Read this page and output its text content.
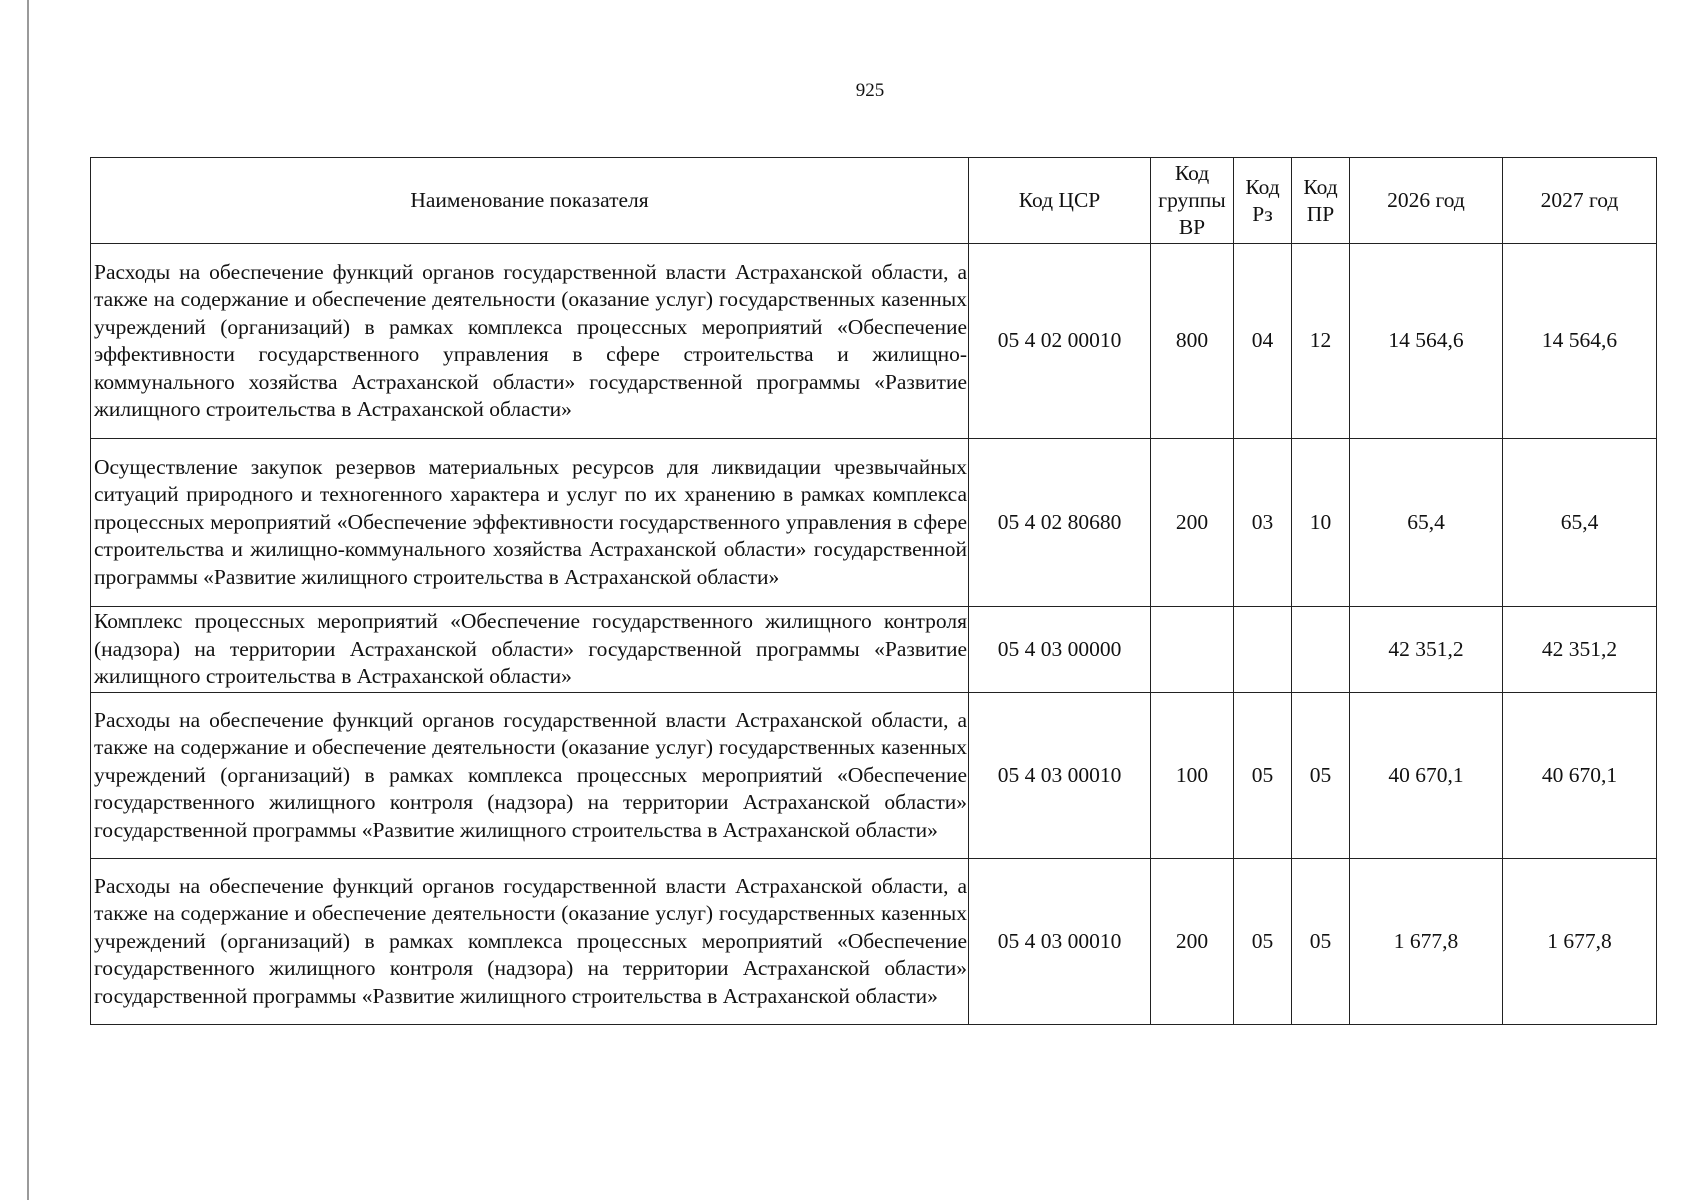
925
Наименование показателя	Код ЦСР	Код группы ВР	Код Рз	Код ПР	2026 год	2027 год
Расходы на обеспечение функций органов государственной власти Астраханской области, а также на содержание и обеспечение деятельности (оказание услуг) государственных казенных учреждений (организаций) в рамках комплекса процессных мероприятий «Обеспечение эффективности государственного управления в сфере строительства и жилищно-коммунального хозяйства Астраханской области» государственной программы «Развитие жилищного строительства в Астраханской области»	05 4 02 00010	800	04	12	14 564,6	14 564,6
Осуществление закупок резервов материальных ресурсов для ликвидации чрезвычайных ситуаций природного и техногенного характера и услуг по их хранению в рамках комплекса процессных мероприятий «Обеспечение эффективности государственного управления в сфере строительства и жилищно-коммунального хозяйства Астраханской области» государственной программы «Развитие жилищного строительства в Астраханской области»	05 4 02 80680	200	03	10	65,4	65,4
Комплекс процессных мероприятий «Обеспечение государственного жилищного контроля (надзора) на территории Астраханской области» государственной программы «Развитие жилищного строительства в Астраханской области»	05 4 03 00000				42 351,2	42 351,2
Расходы на обеспечение функций органов государственной власти Астраханской области, а также на содержание и обеспечение деятельности (оказание услуг) государственных казенных учреждений (организаций) в рамках комплекса процессных мероприятий «Обеспечение государственного жилищного контроля (надзора) на территории Астраханской области» государственной программы «Развитие жилищного строительства в Астраханской области»	05 4 03 00010	100	05	05	40 670,1	40 670,1
Расходы на обеспечение функций органов государственной власти Астраханской области, а также на содержание и обеспечение деятельности (оказание услуг) государственных казенных учреждений (организаций) в рамках комплекса процессных мероприятий «Обеспечение государственного жилищного контроля (надзора) на территории Астраханской области» государственной программы «Развитие жилищного строительства в Астраханской области»	05 4 03 00010	200	05	05	1 677,8	1 677,8
